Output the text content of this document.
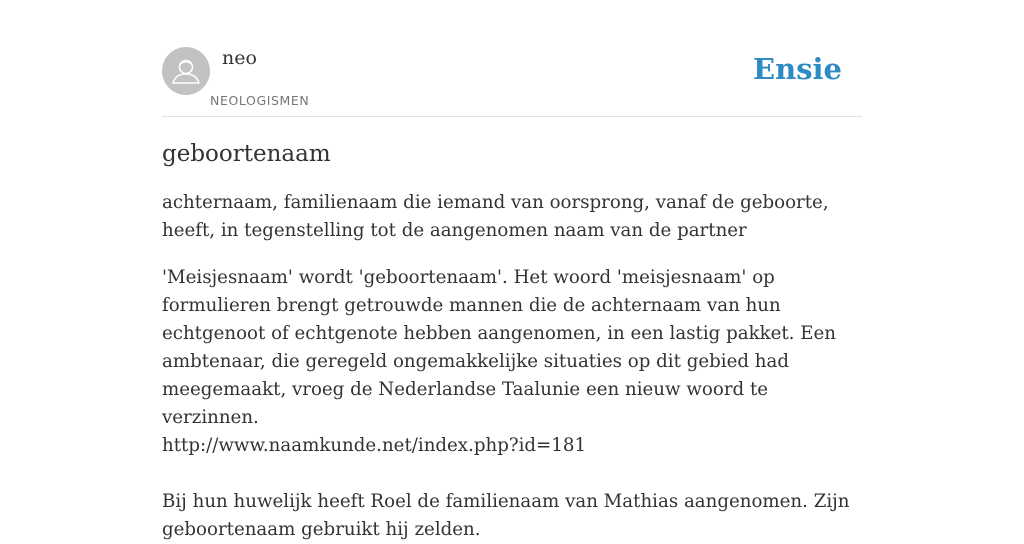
neo
NEOLOGISMEN
Ensie
geboortenaam

achternaam, familienaam die iemand van oorsprong, vanaf de geboorte, heeft, in tegenstelling tot de aangenomen naam van de partner

'Meisjesnaam' wordt 'geboortenaam'. Het woord 'meisjesnaam' op formulieren brengt getrouwde mannen die de achternaam van hun echtgenoot of echtgenote hebben aangenomen, in een lastig pakket. Een ambtenaar, die geregeld ongemakkelijke situaties op dit gebied had meegemaakt, vroeg de Nederlandse Taalunie een nieuw woord te verzinnen.
http://www.naamkunde.net/index.php?id=181
Bij hun huwelijk heeft Roel de familienaam van Mathias aangenomen. Zijn geboortenaam gebruikt hij zelden.
